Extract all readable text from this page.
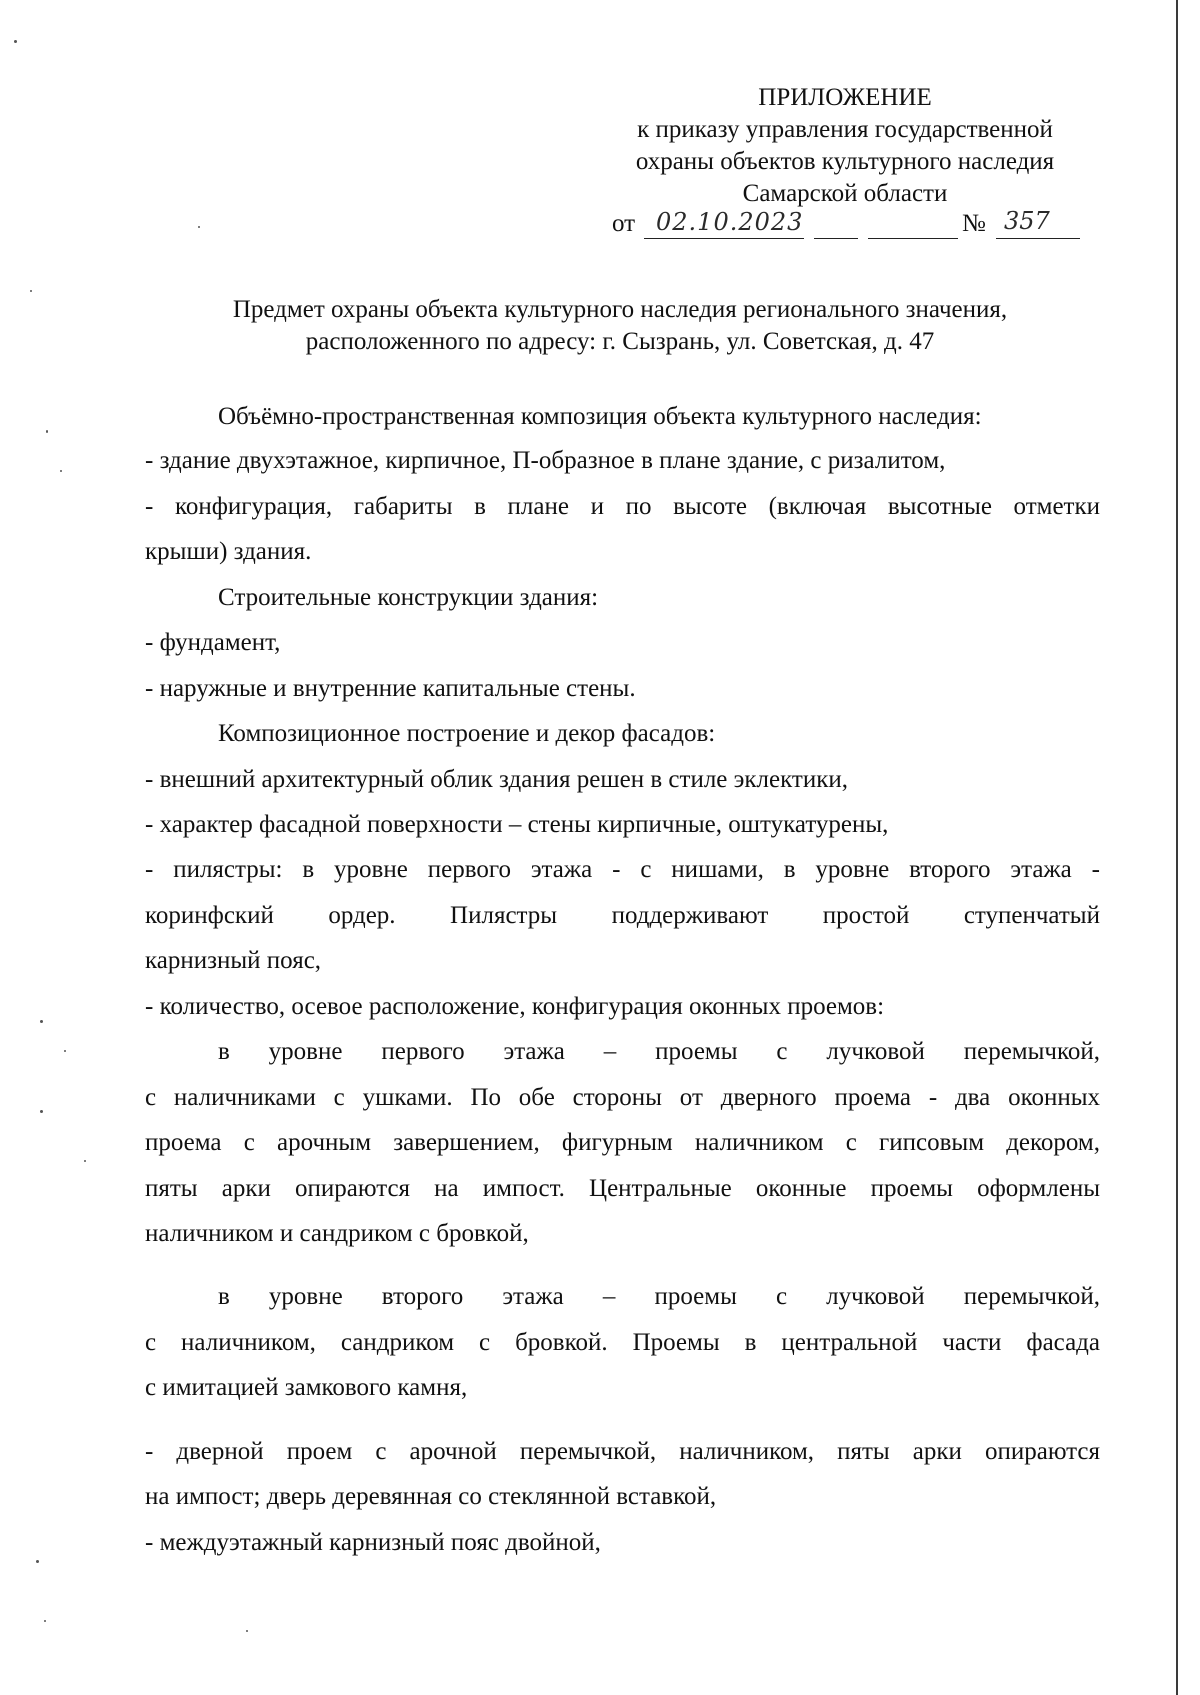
ПРИЛОЖЕНИЕ
к приказу управления государственной
охраны объектов культурного наследия
Самарской области
от 02.10.2023	№ 357
Предмет охраны объекта культурного наследия регионального значения,
расположенного по адресу: г. Сызрань, ул. Советская, д. 47
Объёмно-пространственная композиция объекта культурного наследия:
- здание двухэтажное, кирпичное, П-образное в плане здание, с ризалитом,
- конфигурация, габариты в плане и по высоте (включая высотные отметки
крыши) здания.
Строительные конструкции здания:
- фундамент,
- наружные и внутренние капитальные стены.
Композиционное построение и декор фасадов:
- внешний архитектурный облик здания решен в стиле эклектики,
- характер фасадной поверхности – стены кирпичные, оштукатурены,
- пилястры: в уровне первого этажа - с нишами, в уровне второго этажа -
коринфский ордер. Пилястры поддерживают простой ступенчатый
карнизный пояс,
- количество, осевое расположение, конфигурация оконных проемов:
в уровне первого этажа – проемы с лучковой перемычкой,
с наличниками с ушками. По обе стороны от дверного проема - два оконных
проема с арочным завершением, фигурным наличником с гипсовым декором,
пяты арки опираются на импост. Центральные оконные проемы оформлены
наличником и сандриком с бровкой,
в уровне второго этажа – проемы с лучковой перемычкой,
с наличником, сандриком с бровкой. Проемы в центральной части фасада
с имитацией замкового камня,
- дверной проем с арочной перемычкой, наличником, пяты арки опираются
на импост; дверь деревянная со стеклянной вставкой,
- междуэтажный карнизный пояс двойной,
